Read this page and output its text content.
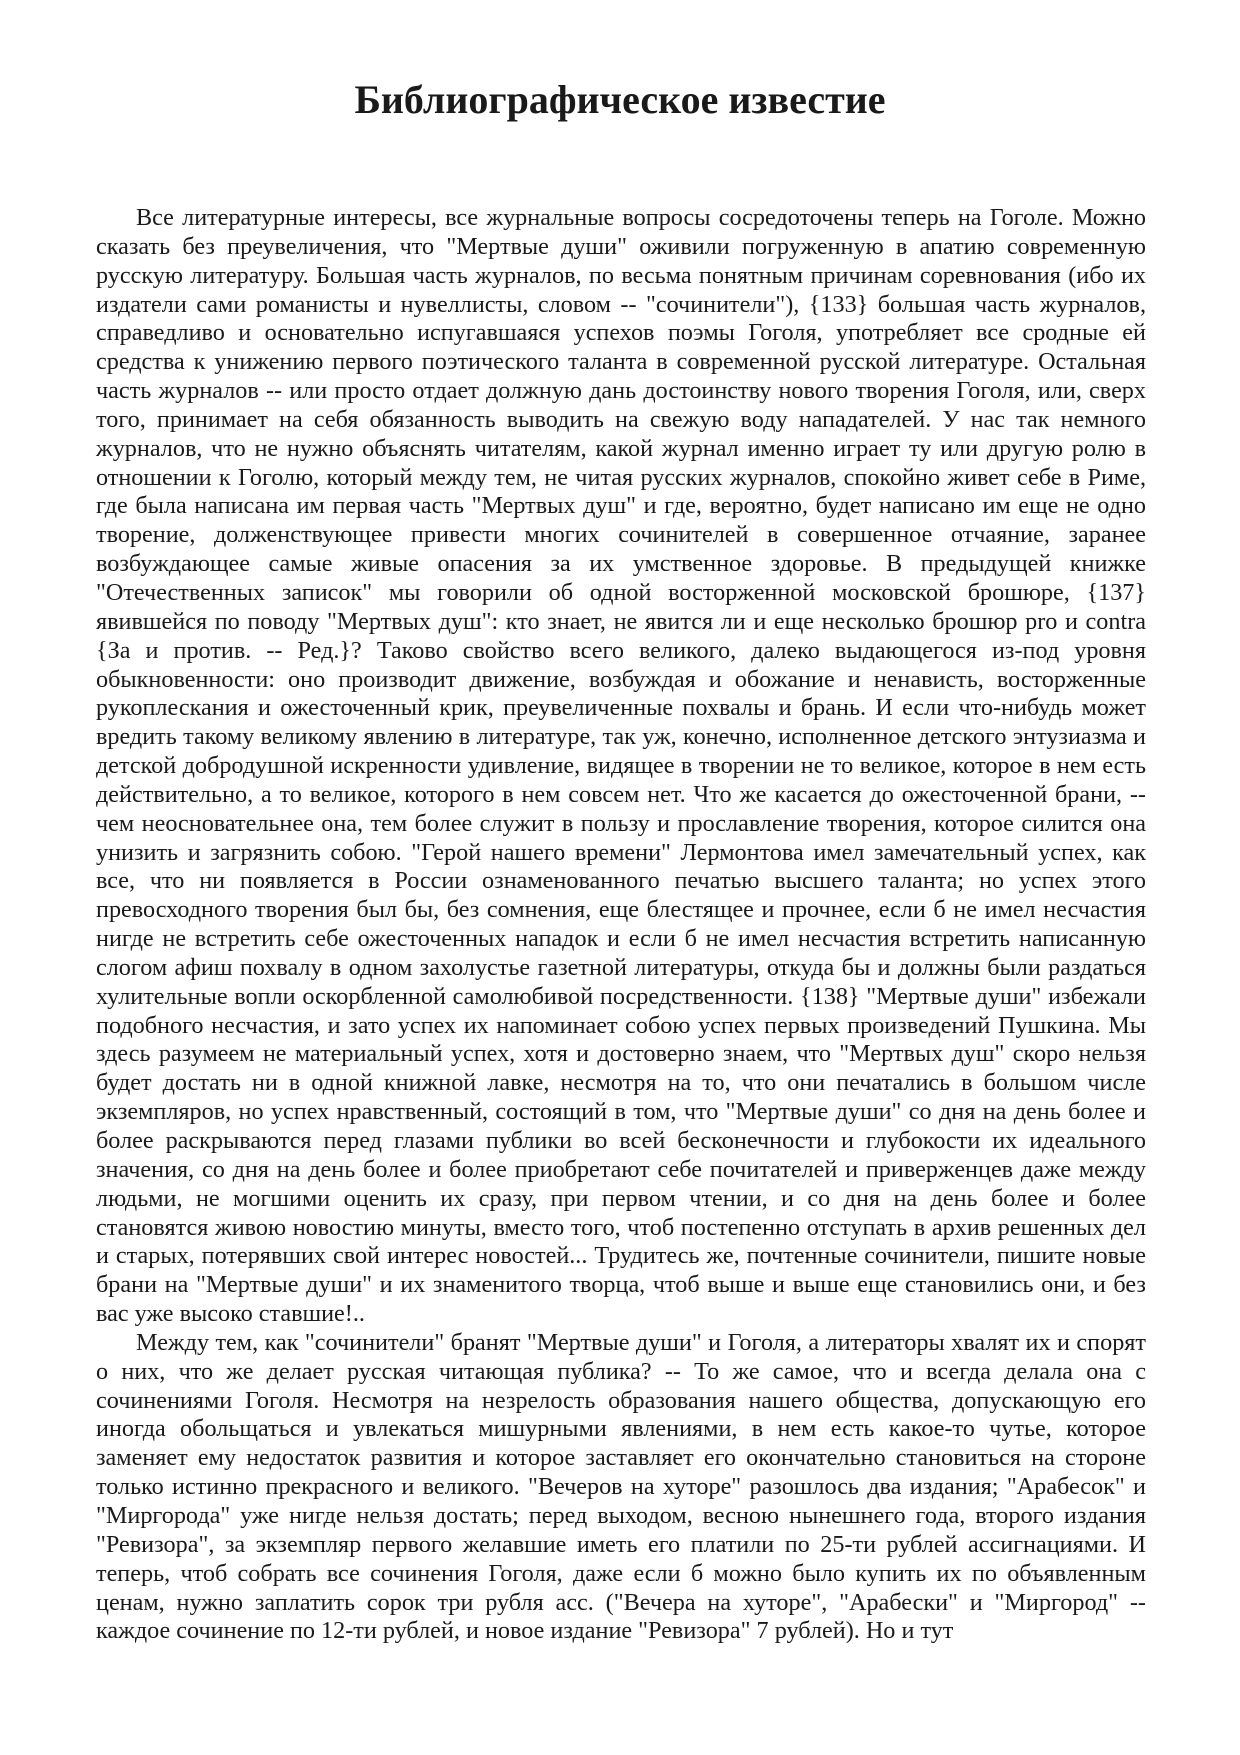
Библиографическое известие

Все литературные интересы, все журнальные вопросы сосредоточены теперь на Гоголе. Можно сказать без преувеличения, что "Мертвые души" оживили погруженную в апатию современную русскую литературу. Большая часть журналов, по весьма понятным причинам соревнования (ибо их издатели сами романисты и нувеллисты, словом -- "сочинители"), {133} большая часть журналов, справедливо и основательно испугавшаяся успехов поэмы Гоголя, употребляет все сродные ей средства к унижению первого поэтического таланта в современной русской литературе. Остальная часть журналов -- или просто отдает должную дань достоинству нового творения Гоголя, или, сверх того, принимает на себя обязанность выводить на свежую воду нападателей. У нас так немного журналов, что не нужно объяснять читателям, какой журнал именно играет ту или другую ролю в отношении к Гоголю, который между тем, не читая русских журналов, спокойно живет себе в Риме, где была написана им первая часть "Мертвых душ" и где, вероятно, будет написано им еще не одно творение, долженствующее привести многих сочинителей в совершенное отчаяние, заранее возбуждающее самые живые опасения за их умственное здоровье. В предыдущей книжке "Отечественных записок" мы говорили об одной восторженной московской брошюре, {137} явившейся по поводу "Мертвых душ": кто знает, не явится ли и еще несколько брошюр pro и contra {За и против. -- Ред.}? Таково свойство всего великого, далеко выдающегося из-под уровня обыкновенности: оно производит движение, возбуждая и обожание и ненависть, восторженные рукоплескания и ожесточенный крик, преувеличенные похвалы и брань. И если что-нибудь может вредить такому великому явлению в литературе, так уж, конечно, исполненное детского энтузиазма и детской добродушной искренности удивление, видящее в творении не то великое, которое в нем есть действительно, а то великое, которого в нем совсем нет. Что же касается до ожесточенной брани, -- чем неосновательнее она, тем более служит в пользу и прославление творения, которое силится она унизить и загрязнить собою. "Герой нашего времени" Лермонтова имел замечательный успех, как все, что ни появляется в России ознаменованного печатью высшего таланта; но успех этого превосходного творения был бы, без сомнения, еще блестящее и прочнее, если б не имел несчастия нигде не встретить себе ожесточенных нападок и если б не имел несчастия встретить написанную слогом афиш похвалу в одном захолустье газетной литературы, откуда бы и должны были раздаться хулительные вопли оскорбленной самолюбивой посредственности. {138} "Мертвые души" избежали подобного несчастия, и зато успех их напоминает собою успех первых произведений Пушкина. Мы здесь разумеем не материальный успех, хотя и достоверно знаем, что "Мертвых душ" скоро нельзя будет достать ни в одной книжной лавке, несмотря на то, что они печатались в большом числе экземпляров, но успех нравственный, состоящий в том, что "Мертвые души" со дня на день более и более раскрываются перед глазами публики во всей бесконечности и глубокости их идеального значения, со дня на день более и более приобретают себе почитателей и приверженцев даже между людьми, не могшими оценить их сразу, при первом чтении, и со дня на день более и более становятся живою новостию минуты, вместо того, чтоб постепенно отступать в архив решенных дел и старых, потерявших свой интерес новостей... Трудитесь же, почтенные сочинители, пишите новые брани на "Мертвые души" и их знаменитого творца, чтоб выше и выше еще становились они, и без вас уже высоко ставшие!..

Между тем, как "сочинители" бранят "Мертвые души" и Гоголя, а литераторы хвалят их и спорят о них, что же делает русская читающая публика? -- То же самое, что и всегда делала она с сочинениями Гоголя. Несмотря на незрелость образования нашего общества, допускающую его иногда обольщаться и увлекаться мишурными явлениями, в нем есть какое-то чутье, которое заменяет ему недостаток развития и которое заставляет его окончательно становиться на стороне только истинно прекрасного и великого. "Вечеров на хуторе" разошлось два издания; "Арабесок" и "Миргорода" уже нигде нельзя достать; перед выходом, весною нынешнего года, второго издания "Ревизора", за экземпляр первого желавшие иметь его платили по 25-ти рублей ассигнациями. И теперь, чтоб собрать все сочинения Гоголя, даже если б можно было купить их по объявленным ценам, нужно заплатить сорок три рубля асс. ("Вечера на хуторе", "Арабески" и "Миргород" -- каждое сочинение по 12-ти рублей, и новое издание "Ревизора" 7 рублей). Но и тут
